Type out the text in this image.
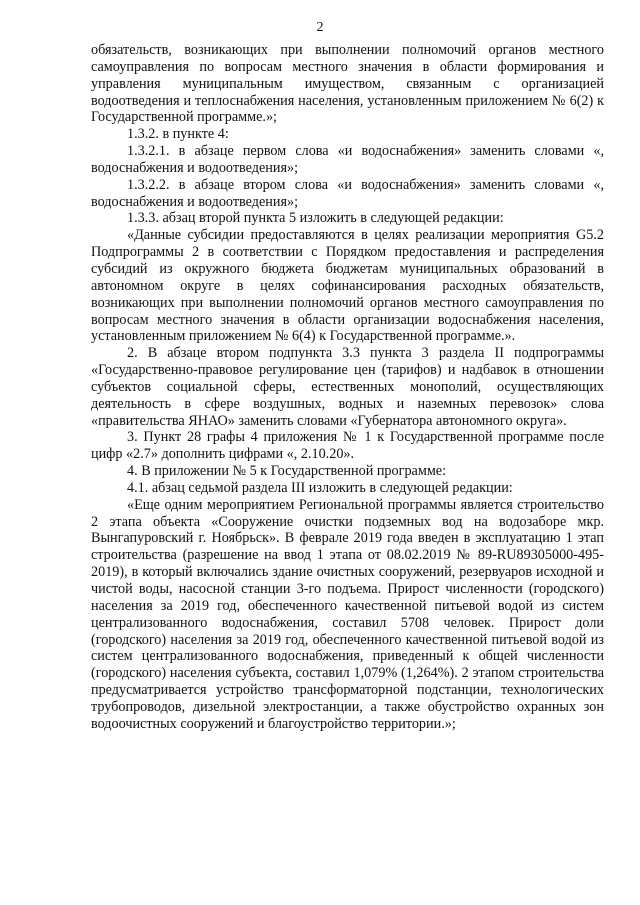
2

обязательств, возникающих при выполнении полномочий органов местного самоуправления по вопросам местного значения в области формирования и управления муниципальным имуществом, связанным с организацией водоотведения и теплоснабжения населения, установленным приложением № 6(2) к Государственной программе.»;

1.3.2. в пункте 4:

1.3.2.1. в абзаце первом слова «и водоснабжения» заменить словами «, водоснабжения и водоотведения»;

1.3.2.2. в абзаце втором слова «и водоснабжения» заменить словами «, водоснабжения и водоотведения»;

1.3.3. абзац второй пункта 5 изложить в следующей редакции:

«Данные субсидии предоставляются в целях реализации мероприятия G5.2 Подпрограммы 2 в соответствии с Порядком предоставления и распределения субсидий из окружного бюджета бюджетам муниципальных образований в автономном округе в целях софинансирования расходных обязательств, возникающих при выполнении полномочий органов местного самоуправления по вопросам местного значения в области организации водоснабжения населения, установленным приложением № 6(4) к Государственной программе.».

2. В абзаце втором подпункта 3.3 пункта 3 раздела II подпрограммы «Государственно-правовое регулирование цен (тарифов) и надбавок в отношении субъектов социальной сферы, естественных монополий, осуществляющих деятельность в сфере воздушных, водных и наземных перевозок» слова «правительства ЯНАО» заменить словами «Губернатора автономного округа».

3. Пункт 28 графы 4 приложения № 1 к Государственной программе после цифр «2.7» дополнить цифрами «, 2.10.20».

4. В приложении № 5 к Государственной программе:

4.1. абзац седьмой раздела III изложить в следующей редакции:

«Еще одним мероприятием Региональной программы является строительство 2 этапа объекта «Сооружение очистки подземных вод на водозаборе мкр. Вынгапуровский г. Ноябрьск». В феврале 2019 года введен в эксплуатацию 1 этап строительства (разрешение на ввод 1 этапа от 08.02.2019 № 89-RU89305000-495-2019), в который включались здание очистных сооружений, резервуаров исходной и чистой воды, насосной станции 3-го подъема. Прирост численности (городского) населения за 2019 год, обеспеченного качественной питьевой водой из систем централизованного водоснабжения, составил 5708 человек. Прирост доли (городского) населения за 2019 год, обеспеченного качественной питьевой водой из систем централизованного водоснабжения, приведенный к общей численности (городского) населения субъекта, составил 1,079% (1,264%). 2 этапом строительства предусматривается устройство трансформаторной подстанции, технологических трубопроводов, дизельной электростанции, а также обустройство охранных зон водоочистных сооружений и благоустройство территории.»;
